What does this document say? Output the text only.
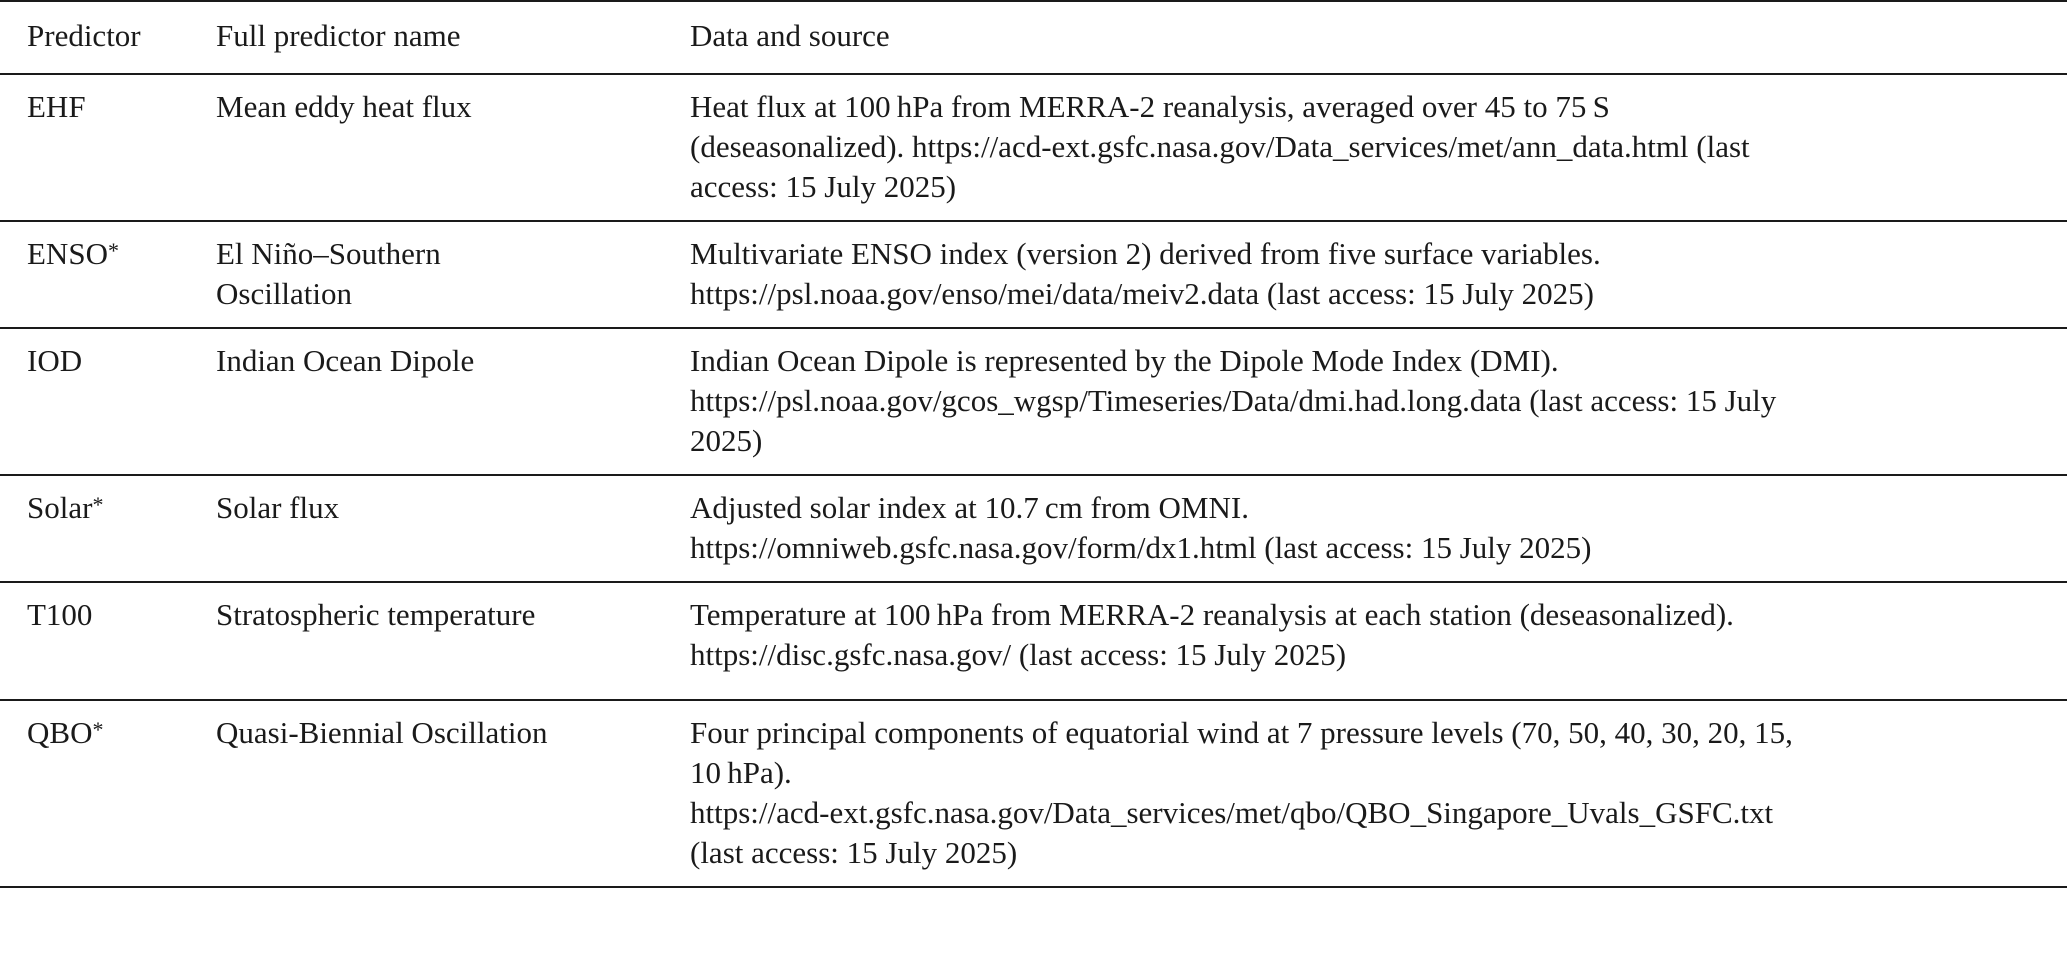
Predictor	Full predictor name	Data and source
EHF	Mean eddy heat flux	Heat flux at 100 hPa from MERRA-2 reanalysis, averaged over 45 to 75 S
(deseasonalized). https://acd-ext.gsfc.nasa.gov/Data_services/met/ann_data.html (last
access: 15 July 2025)

ENSO*	El Niño–Southern Oscillation	Multivariate ENSO index (version 2) derived from five surface variables.
https://psl.noaa.gov/enso/mei/data/meiv2.data (last access: 15 July 2025)

IOD	Indian Ocean Dipole	Indian Ocean Dipole is represented by the Dipole Mode Index (DMI).
https://psl.noaa.gov/gcos_wgsp/Timeseries/Data/dmi.had.long.data (last access: 15 July
2025)

Solar*	Solar flux	Adjusted solar index at 10.7 cm from OMNI.
https://omniweb.gsfc.nasa.gov/form/dx1.html (last access: 15 July 2025)

T100	Stratospheric temperature	Temperature at 100 hPa from MERRA-2 reanalysis at each station (deseasonalized).
https://disc.gsfc.nasa.gov/ (last access: 15 July 2025)

QBO*	Quasi-Biennial Oscillation	Four principal components of equatorial wind at 7 pressure levels (70, 50, 40, 30, 20, 15,
10 hPa).
https://acd-ext.gsfc.nasa.gov/Data_services/met/qbo/QBO_Singapore_Uvals_GSFC.txt
(last access: 15 July 2025)
